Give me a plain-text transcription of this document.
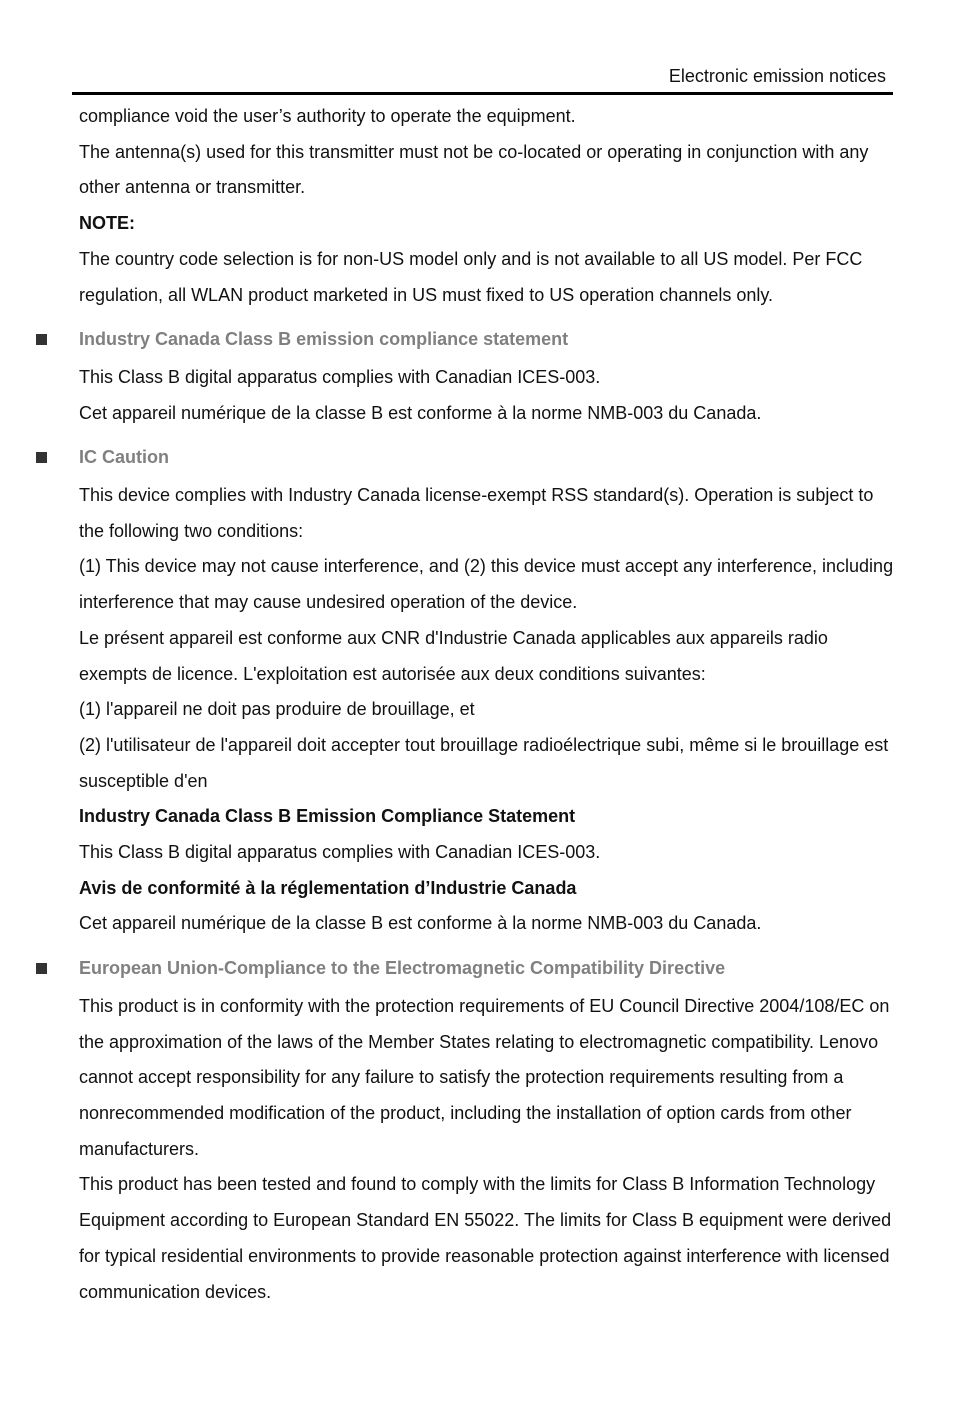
Electronic emission notices

compliance void the user’s authority to operate the equipment.

The antenna(s) used for this transmitter must not be co-located or operating in conjunction with any other antenna or transmitter.

NOTE:

The country code selection is for non-US model only and is not available to all US model. Per FCC regulation, all WLAN product marketed in US must fixed to US operation channels only.

Industry Canada Class B emission compliance statement

This Class B digital apparatus complies with Canadian ICES-003.

Cet appareil numérique de la classe B est conforme à la norme NMB-003 du Canada.

IC Caution

This device complies with Industry Canada license-exempt RSS standard(s). Operation is subject to the following two conditions:

(1) This device may not cause interference, and (2) this device must accept any interference, including interference that may cause undesired operation of the device.

Le présent appareil est conforme aux CNR d'Industrie Canada applicables aux appareils radio exempts de licence. L'exploitation est autorisée aux deux conditions suivantes:

(1) l'appareil ne doit pas produire de brouillage, et

(2) l'utilisateur de l'appareil doit accepter tout brouillage radioélectrique subi, même si le brouillage est susceptible d'en

Industry Canada Class B Emission Compliance Statement

This Class B digital apparatus complies with Canadian ICES-003.

Avis de conformité à la réglementation d’Industrie Canada

Cet appareil numérique de la classe B est conforme à la norme NMB-003 du Canada.

European Union-Compliance to the Electromagnetic Compatibility Directive

This product is in conformity with the protection requirements of EU Council Directive 2004/108/EC on the approximation of the laws of the Member States relating to electromagnetic compatibility. Lenovo cannot accept responsibility for any failure to satisfy the protection requirements resulting from a nonrecommended modification of the product, including the installation of option cards from other manufacturers.

This product has been tested and found to comply with the limits for Class B Information Technology Equipment according to European Standard EN 55022. The limits for Class B equipment were derived for typical residential environments to provide reasonable protection against interference with licensed communication devices.
